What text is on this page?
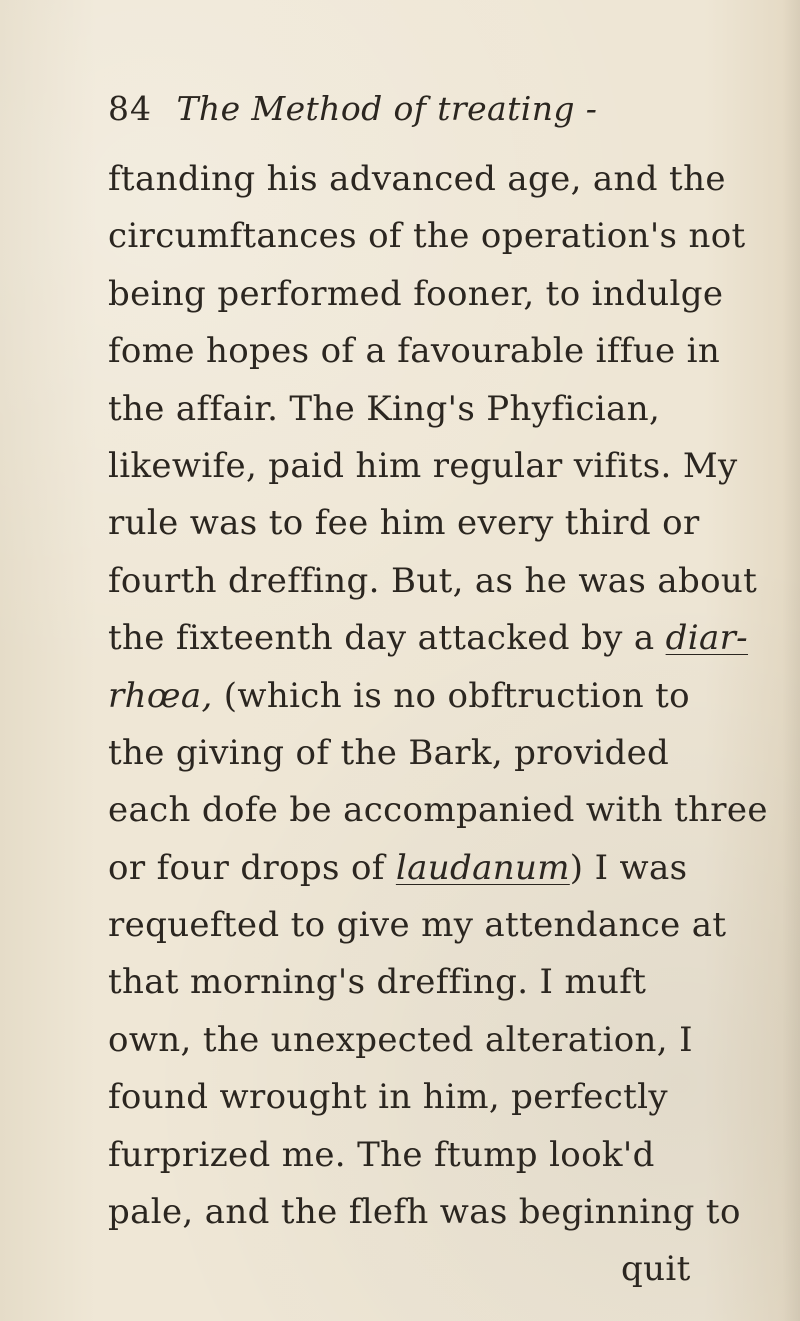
84 The Method of treating -
ftanding his advanced age, and the
circumftances of the operation's not
being performed fooner, to indulge
fome hopes of a favourable iffue in
the affair. The King's Phyfician,
likewife, paid him regular vifits. My
rule was to fee him every third or
fourth dreffing. But, as he was about
the fixteenth day attacked by a diar-
rhœa, (which is no obftruction to
the giving of the Bark, provided
each dofe be accompanied with three
or four drops of laudanum) I was
requefted to give my attendance at
that morning's dreffing. I muft
own, the unexpected alteration, I
found wrought in him, perfectly
furprized me. The ftump look'd
pale, and the flefh was beginning to
quit
